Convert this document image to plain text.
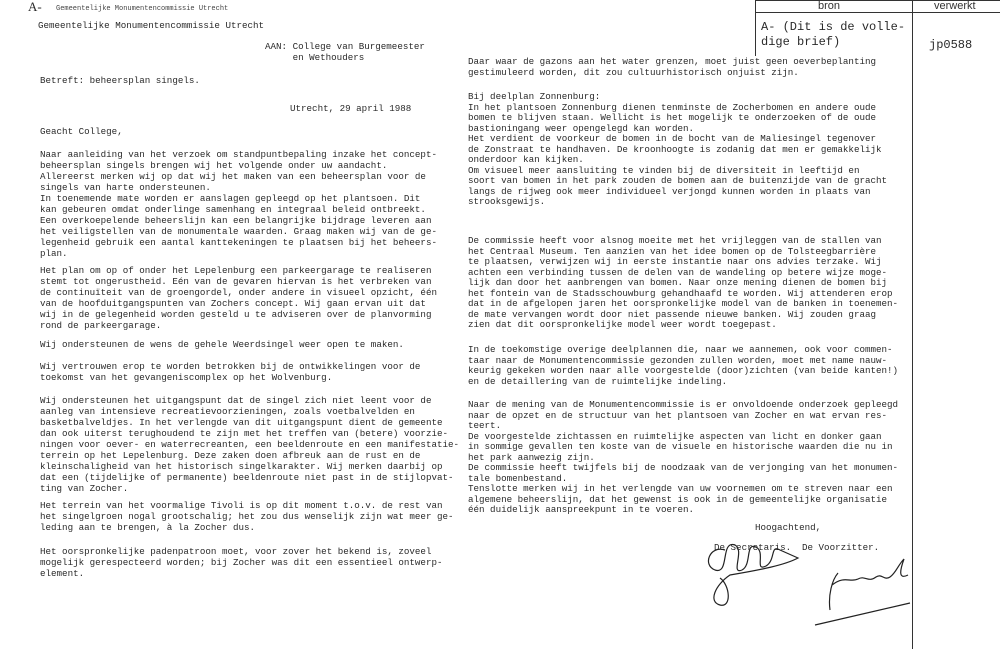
bron	verwerkt
A- (Dit is de volle-
dige brief)	jp0588
A- Gemeentelijke Monumentencommissie Utrecht
Gemeentelijke Monumentencommissie Utrecht
AAN: College van Burgemeester
en Wethouders
Betreft: beheersplan singels.
Utrecht, 29 april 1988
Geacht College,
Naar aanleiding van het verzoek om standpuntbepaling inzake het concept-
beheersplan singels brengen wij het volgende onder uw aandacht.
Allereerst merken wij op dat wij het maken van een beheersplan voor de
singels van harte ondersteunen.
In toenemende mate worden er aanslagen gepleegd op het plantsoen. Dit
kan gebeuren omdat onderlinge samenhang en integraal beleid ontbreekt.
Een overkoepelende beheerslijn kan een belangrijke bijdrage leveren aan
het veiligstellen van de monumentale waarden. Graag maken wij van de ge-
legenheid gebruik een aantal kanttekeningen te plaatsen bij het beheers-
plan.
Het plan om op of onder het Lepelenburg een parkeergarage te realiseren
stemt tot ongerustheid. Eén van de gevaren hiervan is het verbreken van
de continuïteit van de groengordel, onder andere in visueel opzicht, één
van de hoofduitgangspunten van Zochers concept. Wij gaan ervan uit dat
wij in de gelegenheid worden gesteld u te adviseren over de planvorming
rond de parkeergarage.
Wij ondersteunen de wens de gehele Weerdsingel weer open te maken.
Wij vertrouwen erop te worden betrokken bij de ontwikkelingen voor de
toekomst van het gevangeniscomplex op het Wolvenburg.
Wij ondersteunen het uitgangspunt dat de singel zich niet leent voor de
aanleg van intensieve recreatievoorzieningen, zoals voetbalvelden en
basketbalveldjes. In het verlengde van dit uitgangspunt dient de gemeente
dan ook uiterst terughoudend te zijn met het treffen van (betere) voorzie-
ningen voor oever- en waterrecreanten, een beeldenroute en een manifestatie-
terrein op het Lepelenburg. Deze zaken doen afbreuk aan de rust en de
kleinschaligheid van het historisch singelkarakter. Wij merken daarbij op
dat een (tijdelijke of permanente) beeldenroute niet past in de stijlopvat-
ting van Zocher.
Het terrein van het voormalige Tivoli is op dit moment t.o.v. de rest van
het singelgroen nogal grootschalig; het zou dus wenselijk zijn wat meer ge-
leding aan te brengen, à la Zocher dus.
Het oorspronkelijke padenpatroon moet, voor zover het bekend is, zoveel
mogelijk gerespecteerd worden; bij Zocher was dit een essentieel ontwerp-
element.
Daar waar de gazons aan het water grenzen, moet juist geen oeverbeplanting
gestimuleerd worden, dit zou cultuurhistorisch onjuist zijn.
Bij deelplan Zonnenburg:
In het plantsoen Zonnenburg dienen tenminste de Zocherbomen en andere oude
bomen te blijven staan. Wellicht is het mogelijk te onderzoeken of de oude
bastioningang weer opengelegd kan worden.
Het verdient de voorkeur de bomen in de bocht van de Maliesingel tegenover
de Zonstraat te handhaven. De kroonhoogte is zodanig dat men er gemakkelijk
onderdoor kan kijken.
Om visueel meer aansluiting te vinden bij de diversiteit in leeftijd en
soort van bomen in het park zouden de bomen aan de buitenzijde van de gracht
langs de rijweg ook meer individueel verjongd kunnen worden in plaats van
strooksgewijs.
De commissie heeft voor alsnog moeite met het vrijleggen van de stallen van
het Centraal Museum. Ten aanzien van het idee bomen op de Tolsteegbarrière
te plaatsen, verwijzen wij in eerste instantie naar ons advies terzake. Wij
achten een verbinding tussen de delen van de wandeling op betere wijze moge-
lijk dan door het aanbrengen van bomen. Naar onze mening dienen de bomen bij
het fontein van de Stadsschouwburg gehandhaafd te worden. Wij attenderen erop
dat in de afgelopen jaren het oorspronkelijke model van de banken in toenemen-
de mate vervangen wordt door niet passende nieuwe banken. Wij zouden graag
zien dat dit oorspronkelijke model weer wordt toegepast.
In de toekomstige overige deelplannen die, naar we aannemen, ook voor commen-
taar naar de Monumentencommissie gezonden zullen worden, moet met name nauw-
keurig gekeken worden naar alle voorgestelde (door)zichten (van beide kanten!)
en de detaillering van de ruimtelijke indeling.
Naar de mening van de Monumentencommissie is er onvoldoende onderzoek gepleegd
naar de opzet en de structuur van het plantsoen van Zocher en wat ervan res-
teert.
De voorgestelde zichtassen en ruimtelijke aspecten van licht en donker gaan
in sommige gevallen ten koste van de visuele en historische waarden die nu in
het park aanwezig zijn.
De commissie heeft twijfels bij de noodzaak van de verjonging van het monumen-
tale bomenbestand.
Tenslotte merken wij in het verlengde van uw voornemen om te streven naar een
algemene beheerslijn, dat het gewenst is ook in de gemeentelijke organisatie
één duidelijk aanspreekpunt in te voeren.
Hoogachtend,
De Secretaris. De Voorzitter.
